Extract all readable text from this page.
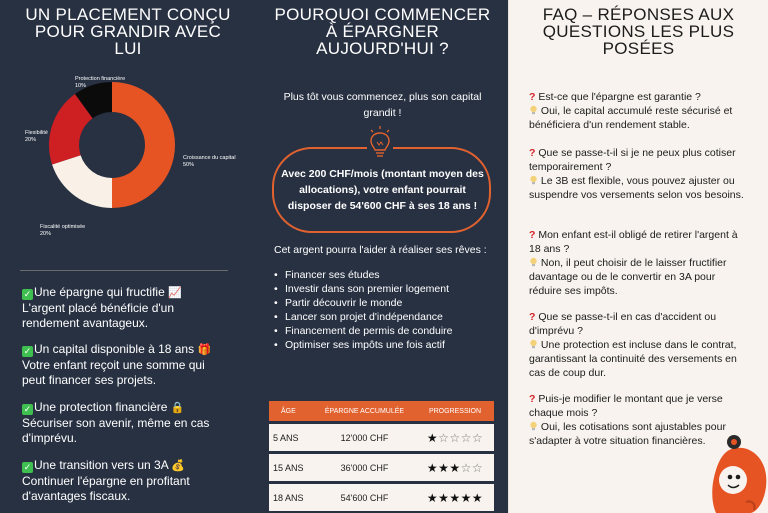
UN PLACEMENT CONÇU
POUR GRANDIR AVEC
LUI
Protection financière
10%
Flexibilité
20%
Croissance du capital
50%
Fiscalité optimisée
20%
✓ Une épargne qui fructifie 📈
L'argent placé bénéficie d'un rendement avantageux.
✓ Un capital disponible à 18 ans 🎁
Votre enfant reçoit une somme qui peut financer ses projets.
✓ Une protection financière 🔒
Sécuriser son avenir, même en cas d'imprévu.
✓ Une transition vers un 3A 💰
Continuer l'épargne en profitant d'avantages fiscaux.
POURQUOI COMMENCER
À ÉPARGNER
AUJOURD'HUI ?
Plus tôt vous commencez, plus son capital grandit !
Avec 200 CHF/mois (montant moyen des allocations), votre enfant pourrait disposer de 54'600 CHF à ses 18 ans !
Cet argent pourra l'aider à réaliser ses rêves :
• Financer ses études
• Investir dans son premier logement
• Partir découvrir le monde
• Lancer son projet d'indépendance
• Financement de permis de conduire
• Optimiser ses impôts une fois actif
ÂGE	ÉPARGNE ACCUMULÉE	PROGRESSION
5 ANS	12'000 CHF	★☆☆☆☆
15 ANS	36'000 CHF	★★★☆☆
18 ANS	54'600 CHF	★★★★★
FAQ – RÉPONSES AUX
QUESTIONS LES PLUS
POSÉES
? Est-ce que l'épargne est garantie ?
Oui, le capital accumulé reste sécurisé et bénéficiera d'un rendement stable.
? Que se passe-t-il si je ne peux plus cotiser temporairement ?
Le 3B est flexible, vous pouvez ajuster ou suspendre vos versements selon vos besoins.
? Mon enfant est-il obligé de retirer l'argent à 18 ans ?
Non, il peut choisir de le laisser fructifier davantage ou de le convertir en 3A pour réduire ses impôts.
? Que se passe-t-il en cas d'accident ou d'imprévu ?
Une protection est incluse dans le contrat, garantissant la continuité des versements en cas de coup dur.
? Puis-je modifier le montant que je verse chaque mois ?
Oui, les cotisations sont ajustables pour s'adapter à votre situation financières.
